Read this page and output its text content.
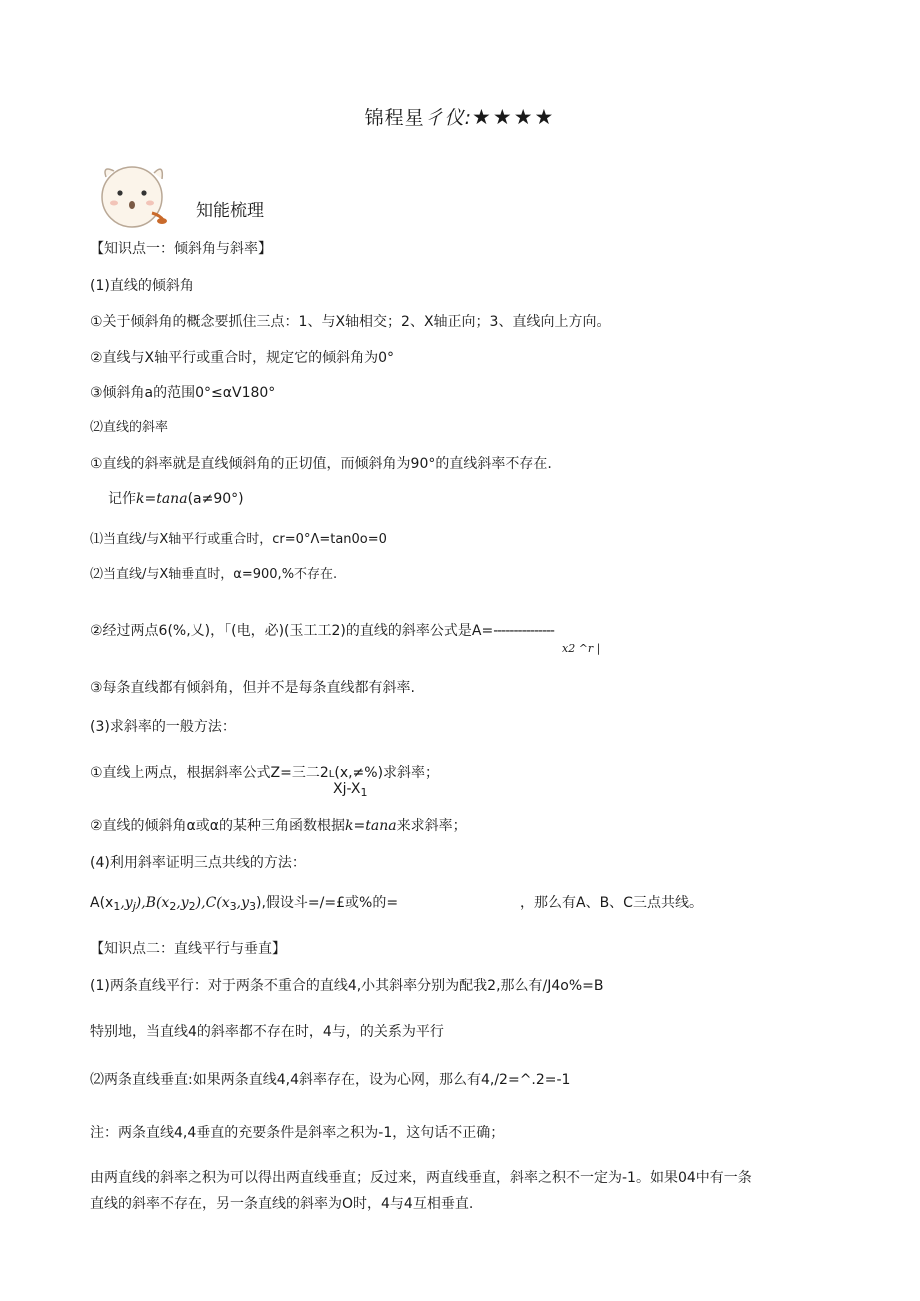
锦程星彳仪:★★★★
知能梳理
【知识点一：倾斜角与斜率】
(1)直线的倾斜角
①关于倾斜角的概念要抓住三点：1、与X轴相交；2、X轴正向；3、直线向上方向。
②直线与X轴平行或重合时，规定它的倾斜角为0°
③倾斜角a的范围0°≤αV180°
⑵直线的斜率
①直线的斜率就是直线倾斜角的正切值，而倾斜角为90°的直线斜率不存在.
记作k=tana(a≠90°)
⑴当直线/与X轴平行或重合时，cr=0°Λ=tan0o=0
⑵当直线/与X轴垂直时，α=900,%不存在.
②经过两点6(%,乂)，「(电，必)(玉工工2)的直线的斜率公式是A=---------------
x2 ^r |
③每条直线都有倾斜角，但并不是每条直线都有斜率.
(3)求斜率的一般方法：
①直线上两点，根据斜率公式Z=三二2L(x,≠%)求斜率；
$Xj-X_1$
②直线的倾斜角α或α的某种三角函数根据k=tana来求斜率；
(4)利用斜率证明三点共线的方法：
$A(x_1,y_j),B(x_2,y_2),C(x_3,y_3)$,假设斗=/=£或%的=	，那么有A、B、C三点共线。
【知识点二：直线平行与垂直】
(1)两条直线平行：对于两条不重合的直线4,小其斜率分别为配我2,那么有/J4o%=B
特别地，当直线4的斜率都不存在时，4与，的关系为平行
⑵两条直线垂直:如果两条直线4,4斜率存在，设为心网，那么有4,/2=^.2=-1
注：两条直线4,4垂直的充要条件是斜率之积为-1，这句话不正确；
由两直线的斜率之积为可以得出两直线垂直；反过来，两直线垂直，斜率之积不一定为-1。如果04中有一条
直线的斜率不存在，另一条直线的斜率为O时，4与4互相垂直.
